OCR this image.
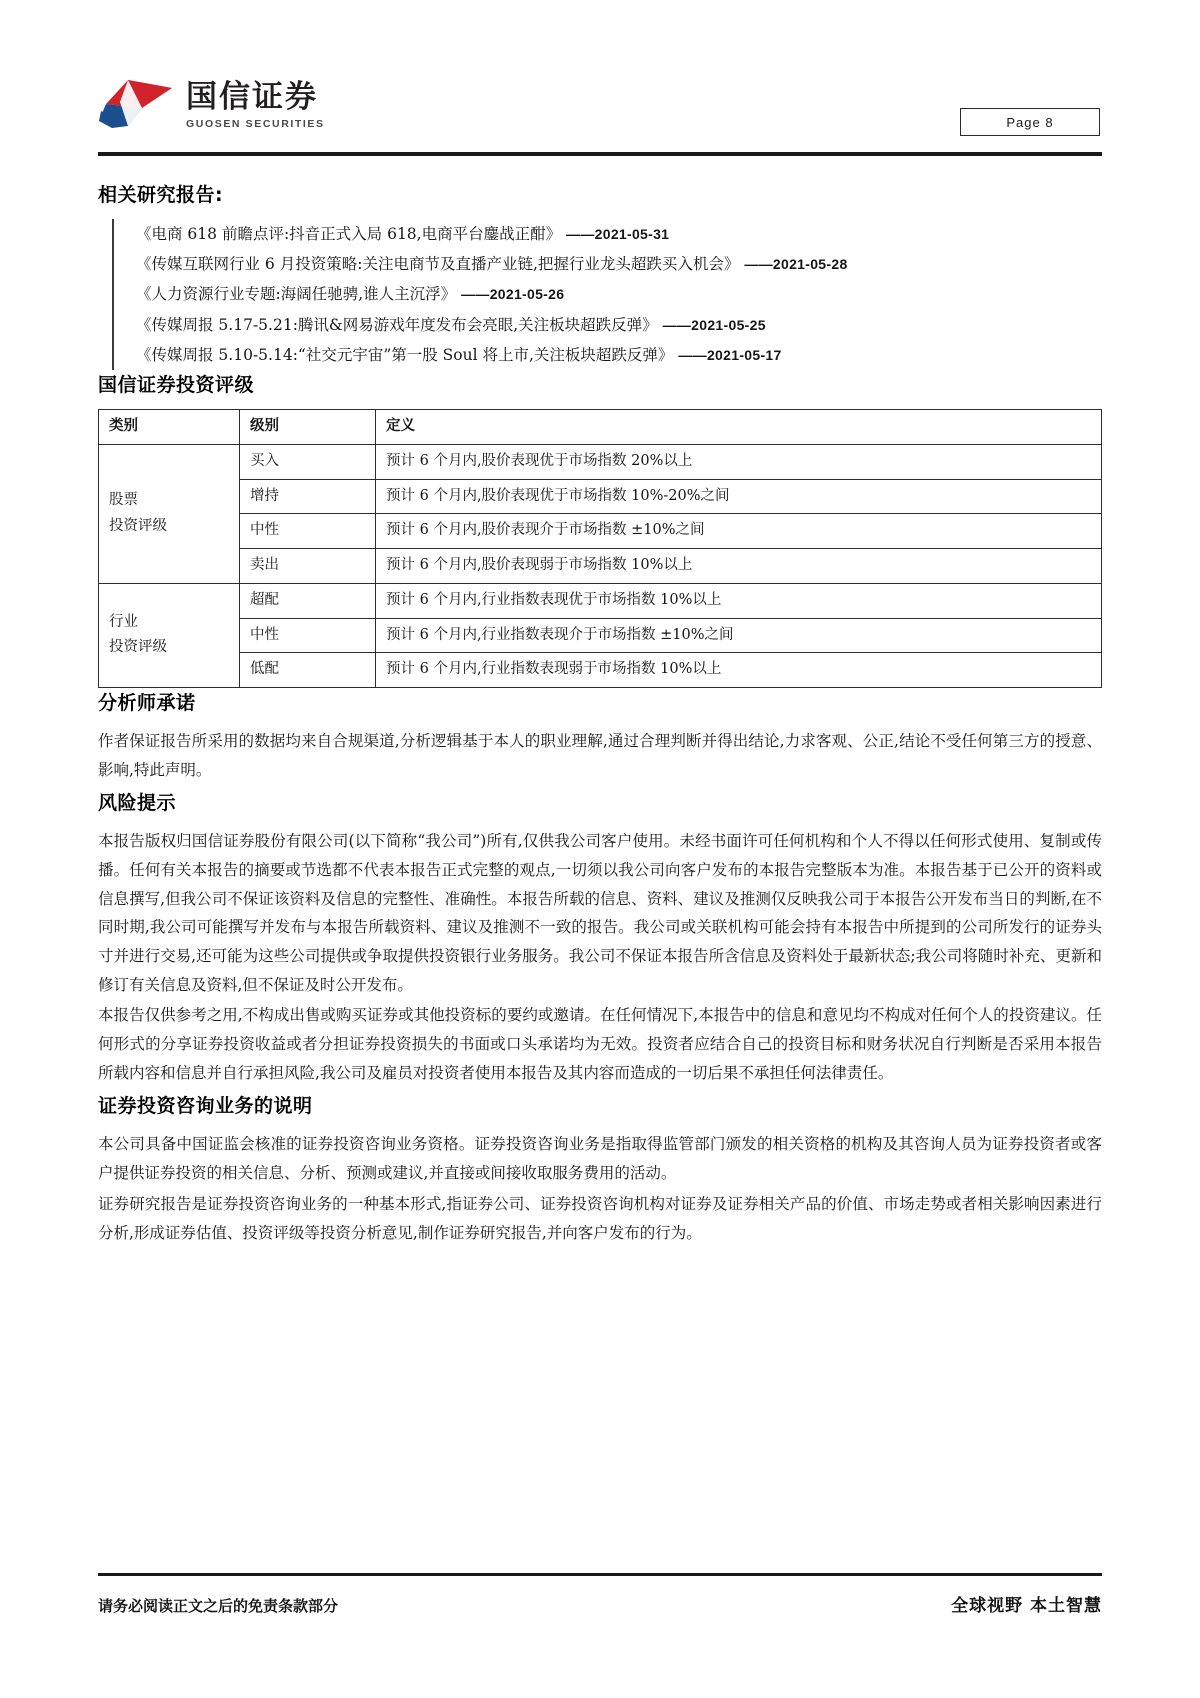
国信证券
GUOSEN SECURITIES	Page 8
相关研究报告:
《电商 618 前瞻点评:抖音正式入局 618,电商平台鏖战正酣》 ——2021-05-31
《传媒互联网行业 6 月投资策略:关注电商节及直播产业链,把握行业龙头超跌买入机会》 ——2021-05-28
《人力资源行业专题:海阔任驰骋,谁人主沉浮》 ——2021-05-26
《传媒周报 5.17-5.21:腾讯&网易游戏年度发布会亮眼,关注板块超跌反弹》 ——2021-05-25
《传媒周报 5.10-5.14:“社交元宇宙”第一股 Soul 将上市,关注板块超跌反弹》 ——2021-05-17
国信证券投资评级
类别	级别	定义

股票
投资评级	买入	预计 6 个月内,股价表现优于市场指数 20%以上
	增持	预计 6 个月内,股价表现优于市场指数 10%-20%之间
	中性	预计 6 个月内,股价表现介于市场指数 ±10%之间
	卖出	预计 6 个月内,股价表现弱于市场指数 10%以上

行业
投资评级	超配	预计 6 个月内,行业指数表现优于市场指数 10%以上
	中性	预计 6 个月内,行业指数表现介于市场指数 ±10%之间
	低配	预计 6 个月内,行业指数表现弱于市场指数 10%以上
分析师承诺

作者保证报告所采用的数据均来自合规渠道,分析逻辑基于本人的职业理解,通过合理判断并得出结论,力求客观、公正,结论不受任何第三方的授意、影响,特此声明。

风险提示

本报告版权归国信证券股份有限公司(以下简称“我公司”)所有,仅供我公司客户使用。未经书面许可任何机构和个人不得以任何形式使用、复制或传播。任何有关本报告的摘要或节选都不代表本报告正式完整的观点,一切须以我公司向客户发布的本报告完整版本为准。本报告基于已公开的资料或信息撰写,但我公司不保证该资料及信息的完整性、准确性。本报告所载的信息、资料、建议及推测仅反映我公司于本报告公开发布当日的判断,在不同时期,我公司可能撰写并发布与本报告所载资料、建议及推测不一致的报告。我公司或关联机构可能会持有本报告中所提到的公司所发行的证券头寸并进行交易,还可能为这些公司提供或争取提供投资银行业务服务。我公司不保证本报告所含信息及资料处于最新状态;我公司将随时补充、更新和修订有关信息及资料,但不保证及时公开发布。

本报告仅供参考之用,不构成出售或购买证券或其他投资标的要约或邀请。在任何情况下,本报告中的信息和意见均不构成对任何个人的投资建议。任何形式的分享证券投资收益或者分担证券投资损失的书面或口头承诺均为无效。投资者应结合自己的投资目标和财务状况自行判断是否采用本报告所载内容和信息并自行承担风险,我公司及雇员对投资者使用本报告及其内容而造成的一切后果不承担任何法律责任。

证券投资咨询业务的说明

本公司具备中国证监会核准的证券投资咨询业务资格。证券投资咨询业务是指取得监管部门颁发的相关资格的机构及其咨询人员为证券投资者或客户提供证券投资的相关信息、分析、预测或建议,并直接或间接收取服务费用的活动。

证券研究报告是证券投资咨询业务的一种基本形式,指证券公司、证券投资咨询机构对证券及证券相关产品的价值、市场走势或者相关影响因素进行分析,形成证券估值、投资评级等投资分析意见,制作证券研究报告,并向客户发布的行为。

请务必阅读正文之后的免责条款部分	全球视野 本土智慧
